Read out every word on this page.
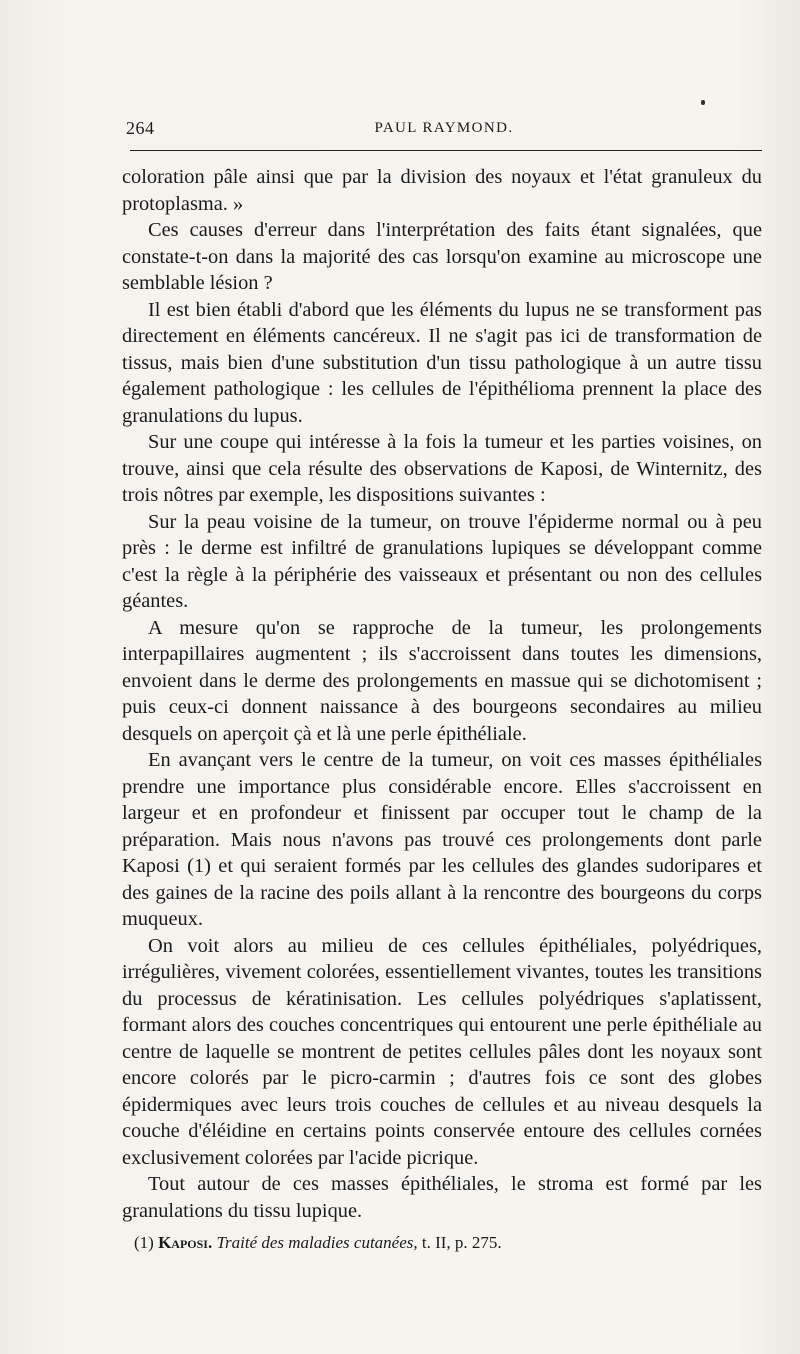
264	PAUL RAYMOND.

coloration pâle ainsi que par la division des noyaux et l'état granuleux du protoplasma. »

Ces causes d'erreur dans l'interprétation des faits étant signalées, que constate-t-on dans la majorité des cas lorsqu'on examine au microscope une semblable lésion ?

Il est bien établi d'abord que les éléments du lupus ne se transforment pas directement en éléments cancéreux. Il ne s'agit pas ici de transformation de tissus, mais bien d'une substitution d'un tissu pathologique à un autre tissu également pathologique : les cellules de l'épithélioma prennent la place des granulations du lupus.

Sur une coupe qui intéresse à la fois la tumeur et les parties voisines, on trouve, ainsi que cela résulte des observations de Kaposi, de Winternitz, des trois nôtres par exemple, les dispositions suivantes :

Sur la peau voisine de la tumeur, on trouve l'épiderme normal ou à peu près : le derme est infiltré de granulations lupiques se développant comme c'est la règle à la périphérie des vaisseaux et présentant ou non des cellules géantes.

A mesure qu'on se rapproche de la tumeur, les prolongements interpapillaires augmentent ; ils s'accroissent dans toutes les dimensions, envoient dans le derme des prolongements en massue qui se dichotomisent ; puis ceux-ci donnent naissance à des bourgeons secondaires au milieu desquels on aperçoit çà et là une perle épithéliale.

En avançant vers le centre de la tumeur, on voit ces masses épithéliales prendre une importance plus considérable encore. Elles s'accroissent en largeur et en profondeur et finissent par occuper tout le champ de la préparation. Mais nous n'avons pas trouvé ces prolongements dont parle Kaposi (1) et qui seraient formés par les cellules des glandes sudoripares et des gaines de la racine des poils allant à la rencontre des bourgeons du corps muqueux.

On voit alors au milieu de ces cellules épithéliales, polyédriques, irrégulières, vivement colorées, essentiellement vivantes, toutes les transitions du processus de kératinisation. Les cellules polyédriques s'aplatissent, formant alors des couches concentriques qui entourent une perle épithéliale au centre de laquelle se montrent de petites cellules pâles dont les noyaux sont encore colorés par le picro-carmin ; d'autres fois ce sont des globes épidermiques avec leurs trois couches de cellules et au niveau desquels la couche d'éléidine en certains points conservée entoure des cellules cornées exclusivement colorées par l'acide picrique.

Tout autour de ces masses épithéliales, le stroma est formé par les granulations du tissu lupique.

(1) Kaposi. Traité des maladies cutanées, t. II, p. 275.
